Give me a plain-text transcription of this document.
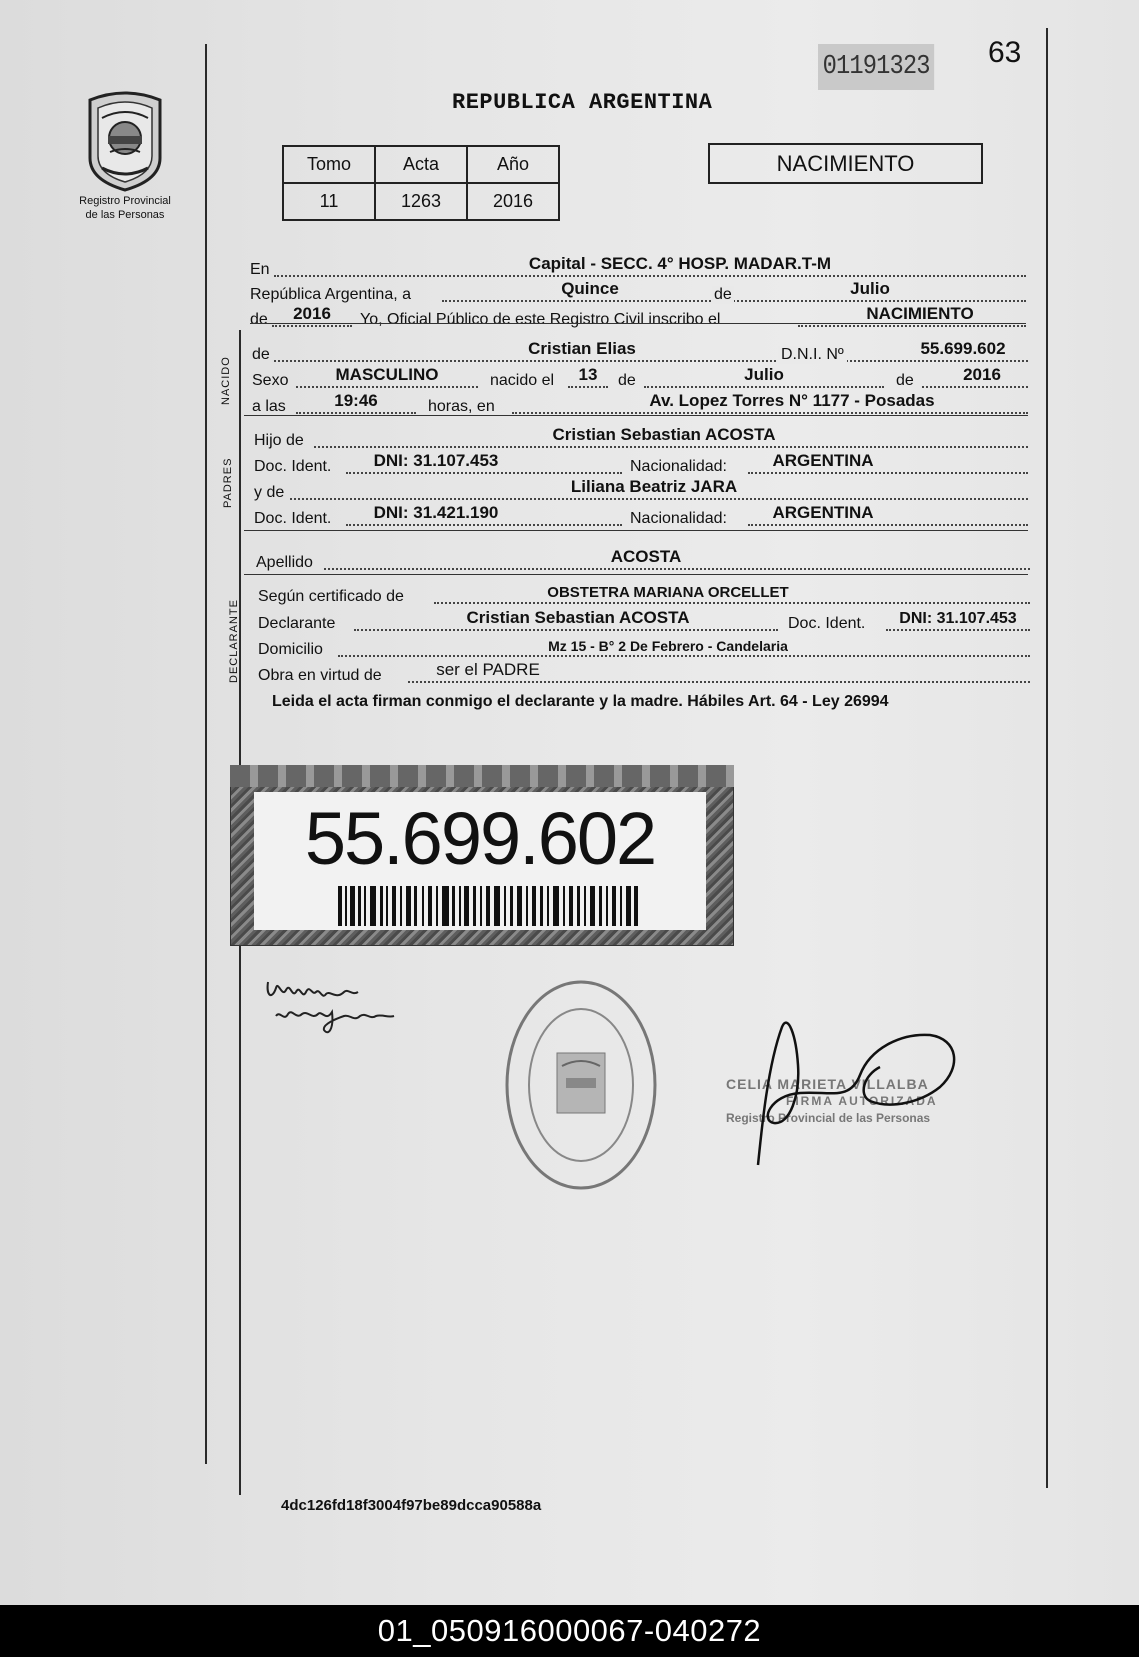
01191323 63
REPUBLICA ARGENTINA
Registro Provincial
de las Personas
Tomo	Acta	Año
11	1263	2016
NACIMIENTO
En	Capital - SECC. 4° HOSP. MADAR.T-M
República Argentina, a	Quince	de	Julio
de	2016	Yo, Oficial Público de este Registro Civil inscribo el	NACIMIENTO
NACIDO
de	Cristian Elias	D.N.I. Nº	55.699.602
Sexo	MASCULINO	nacido el	13	de	Julio	de	2016
a las	19:46	horas, en	Av. Lopez Torres N° 1177 - Posadas
PADRES
Hijo de	Cristian Sebastian ACOSTA
Doc. Ident.	DNI: 31.107.453	Nacionalidad:	ARGENTINA
y de	Liliana Beatriz JARA
Doc. Ident.	DNI: 31.421.190	Nacionalidad:	ARGENTINA
Apellido	ACOSTA
DECLARANTE
Según certificado de	OBSTETRA MARIANA ORCELLET
Declarante	Cristian Sebastian ACOSTA	Doc. Ident.	DNI: 31.107.453
Domicilio	Mz 15 - B° 2 De Febrero - Candelaria
Obra en virtud de	ser el PADRE
Leida el acta firman conmigo el declarante y la madre. Hábiles Art. 64 - Ley 26994
55.699.602
CELIA MARIETA VILLALBA
FIRMA AUTORIZADA
Registro Provincial de las Personas
4dc126fd18f3004f97be89dcca90588a
01_050916000067-040272
